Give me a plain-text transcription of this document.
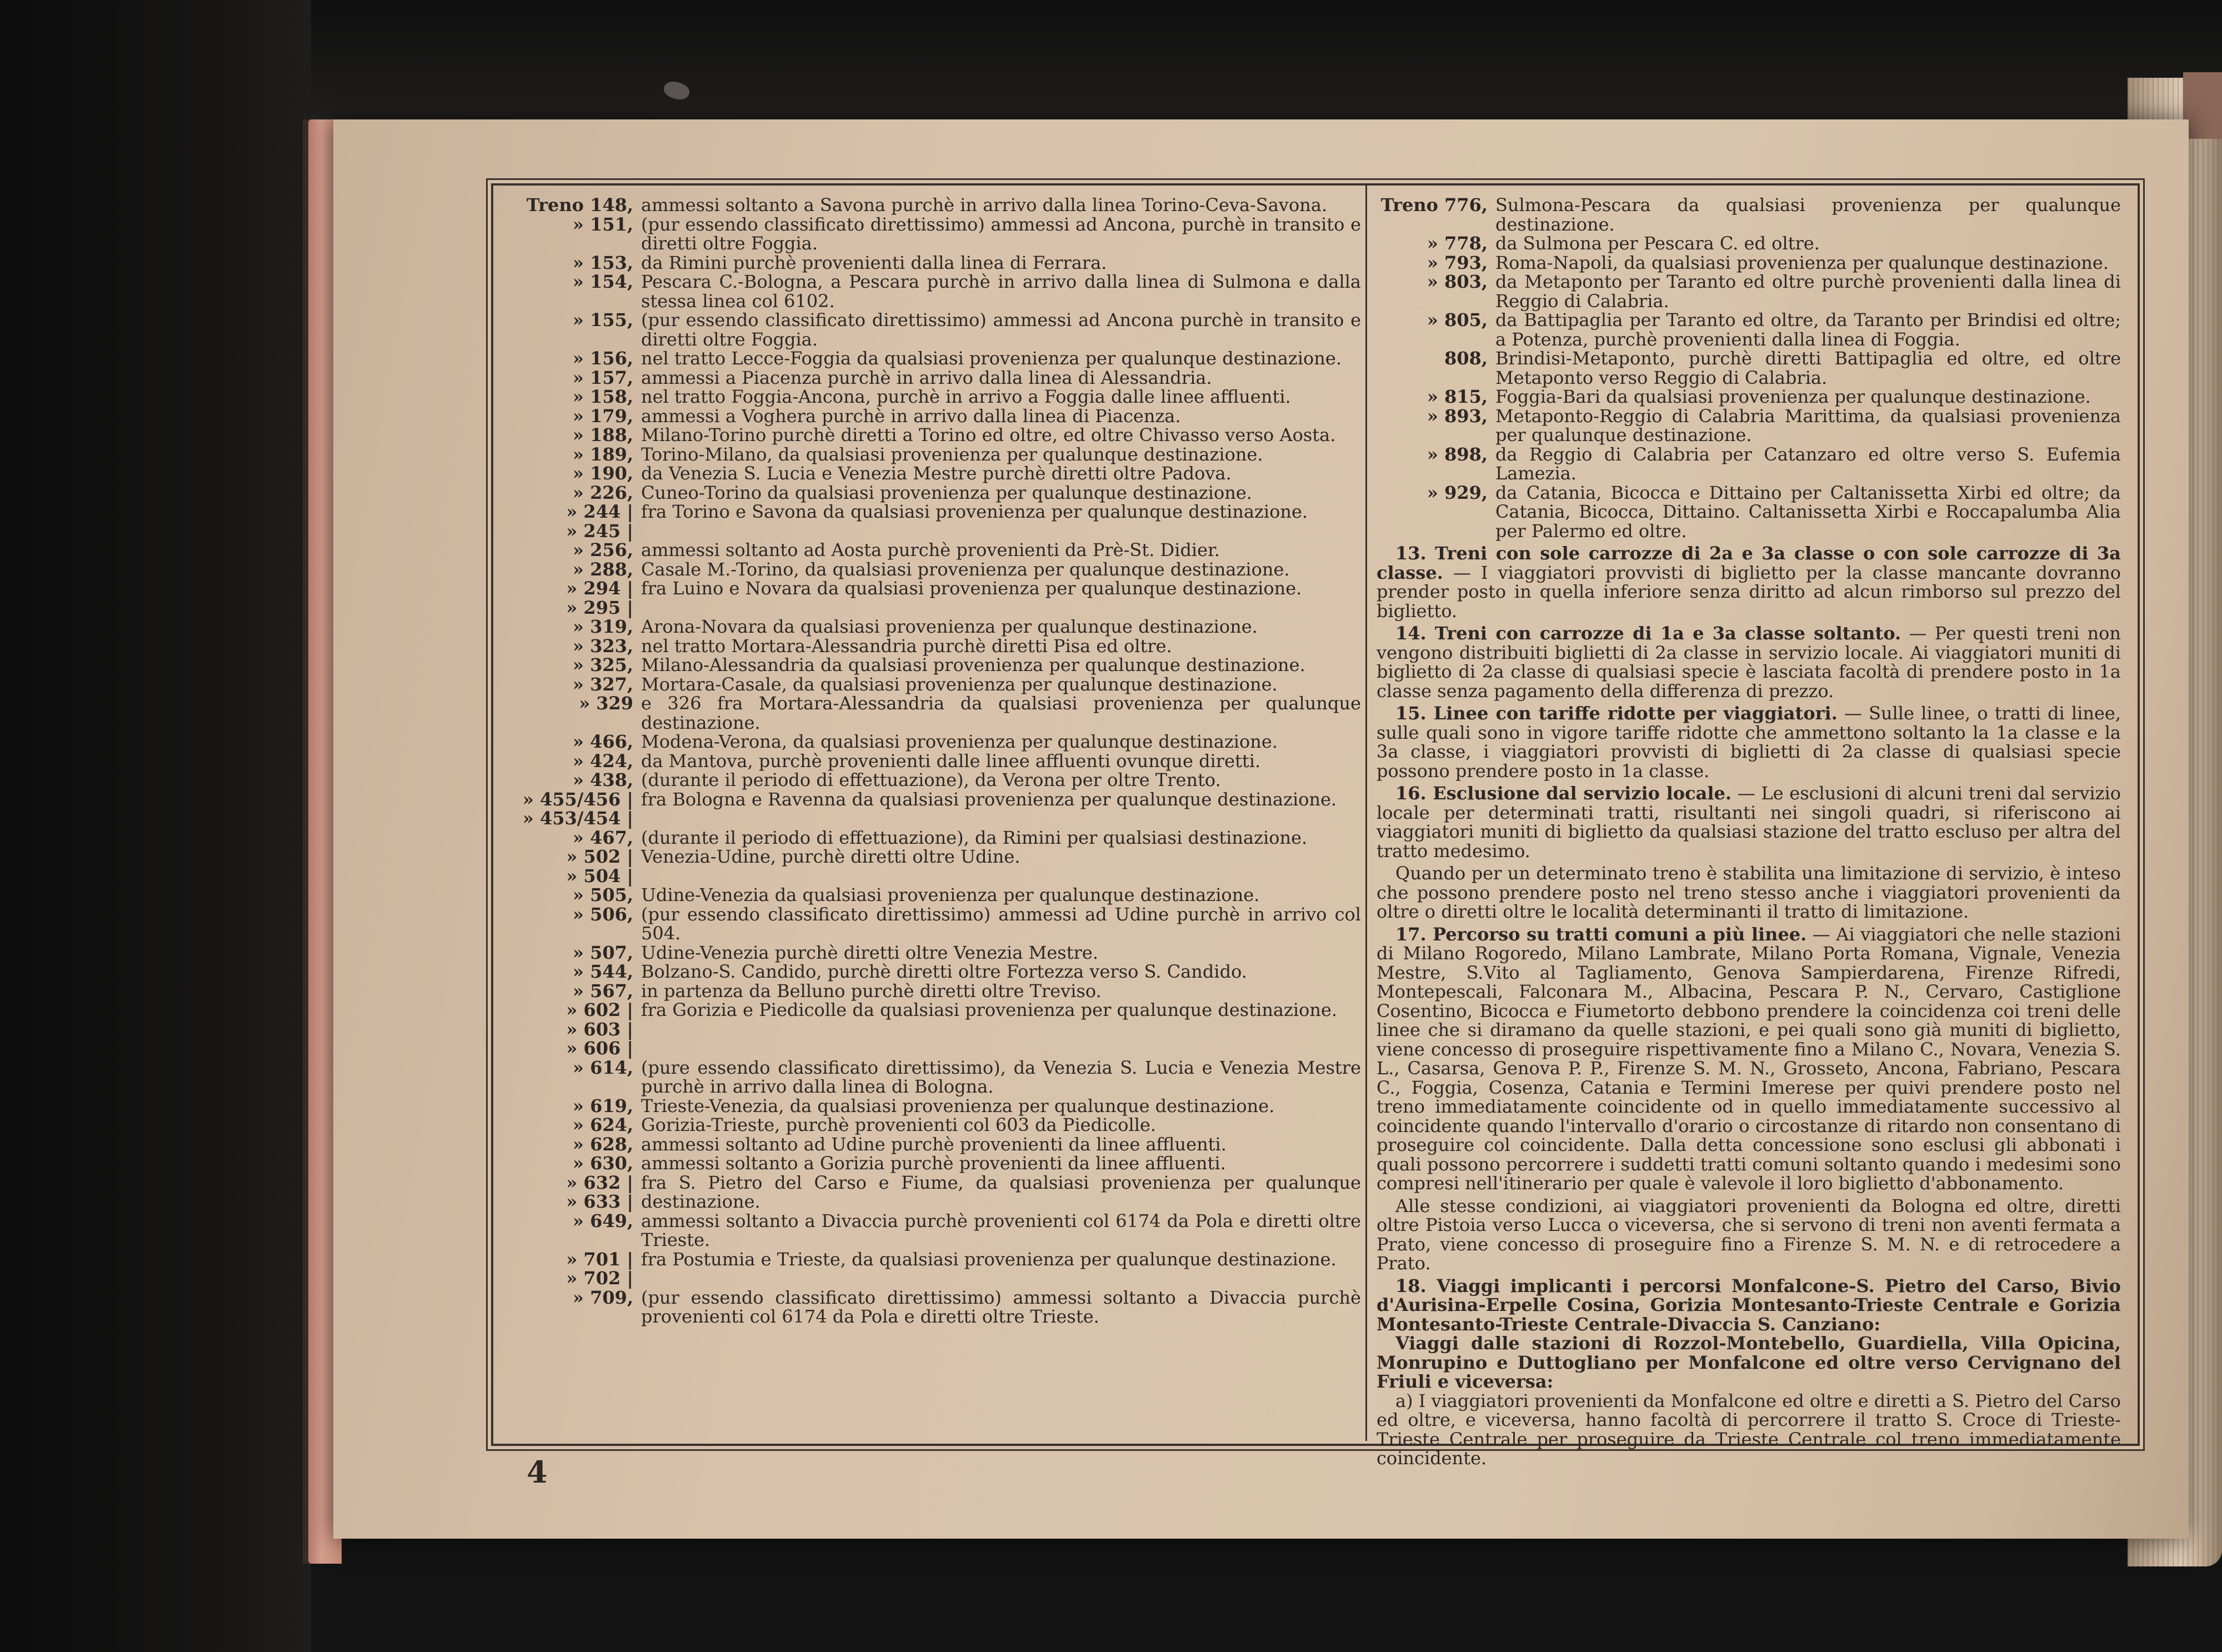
Treno 148, ammessi soltanto a Savona purchè in arrivo dalla linea Torino-Ceva-Savona.
» 151, (pur essendo classificato direttissimo) ammessi ad Ancona, purchè in transito e diretti oltre Foggia.
» 153, da Rimini purchè provenienti dalla linea di Ferrara.
» 154, Pescara C.-Bologna, a Pescara purchè in arrivo dalla linea di Sulmona e dalla stessa linea col 6102.
» 155, (pur essendo classificato direttissimo) ammessi ad Ancona purchè in transito e diretti oltre Foggia.
» 156, nel tratto Lecce-Foggia da qualsiasi provenienza per qualunque destinazione.
» 157, ammessi a Piacenza purchè in arrivo dalla linea di Alessandria.
» 158, nel tratto Foggia-Ancona, purchè in arrivo a Foggia dalle linee affluenti.
» 179, ammessi a Voghera purchè in arrivo dalla linea di Piacenza.
» 188, Milano-Torino purchè diretti a Torino ed oltre, ed oltre Chivasso verso Aosta.
» 189, Torino-Milano, da qualsiasi provenienza per qualunque destinazione.
» 190, da Venezia S. Lucia e Venezia Mestre purchè diretti oltre Padova.
» 226, Cuneo-Torino da qualsiasi provenienza per qualunque destinazione.
» 244 |
» 245 |
fra Torino e Savona da qualsiasi provenienza per qualunque destinazione.
» 256, ammessi soltanto ad Aosta purchè provenienti da Prè-St. Didier.
» 288, Casale M.-Torino, da qualsiasi provenienza per qualunque destinazione.
» 294 |
» 295 |
fra Luino e Novara da qualsiasi provenienza per qualunque destinazione.
» 319, Arona-Novara da qualsiasi provenienza per qualunque destinazione.
» 323, nel tratto Mortara-Alessandria purchè diretti Pisa ed oltre.
» 325, Milano-Alessandria da qualsiasi provenienza per qualunque destinazione.
» 327, Mortara-Casale, da qualsiasi provenienza per qualunque destinazione.
» 329 e 326 fra Mortara-Alessandria da qualsiasi provenienza per qualunque destinazione.
» 466, Modena-Verona, da qualsiasi provenienza per qualunque destinazione.
» 424, da Mantova, purchè provenienti dalle linee affluenti ovunque diretti.
» 438, (durante il periodo di effettuazione), da Verona per oltre Trento.
» 455/456 |
» 453/454 |
fra Bologna e Ravenna da qualsiasi provenienza per qualunque destinazione.
» 467, (durante il periodo di effettuazione), da Rimini per qualsiasi destinazione.
» 502 |
» 504 |
Venezia-Udine, purchè diretti oltre Udine.
» 505, Udine-Venezia da qualsiasi provenienza per qualunque destinazione.
» 506, (pur essendo classificato direttissimo) ammessi ad Udine purchè in arrivo col 504.
» 507, Udine-Venezia purchè diretti oltre Venezia Mestre.
» 544, Bolzano-S. Candido, purchè diretti oltre Fortezza verso S. Candido.
» 567, in partenza da Belluno purchè diretti oltre Treviso.
» 602 |
» 603 |
» 606 |
fra Gorizia e Piedicolle da qualsiasi provenienza per qualunque destinazione.
» 614, (pure essendo classificato direttissimo), da Venezia S. Lucia e Venezia Mestre purchè in arrivo dalla linea di Bologna.
» 619, Trieste-Venezia, da qualsiasi provenienza per qualunque destinazione.
» 624, Gorizia-Trieste, purchè provenienti col 603 da Piedicolle.
» 628, ammessi soltanto ad Udine purchè provenienti da linee affluenti.
» 630, ammessi soltanto a Gorizia purchè provenienti da linee affluenti.
» 632 |
» 633 |
fra S. Pietro del Carso e Fiume, da qualsiasi provenienza per qualunque destinazione.
» 649, ammessi soltanto a Divaccia purchè provenienti col 6174 da Pola e diretti oltre Trieste.
» 701 |
» 702 |
fra Postumia e Trieste, da qualsiasi provenienza per qualunque destinazione.
» 709, (pur essendo classificato direttissimo) ammessi soltanto a Divaccia purchè provenienti col 6174 da Pola e diretti oltre Trieste.
Treno 776, Sulmona-Pescara da qualsiasi provenienza per qualunque destinazione.
» 778, da Sulmona per Pescara C. ed oltre.
» 793, Roma-Napoli, da qualsiasi provenienza per qualunque destinazione.
» 803, da Metaponto per Taranto ed oltre purchè provenienti dalla linea di Reggio di Calabria.
» 805, da Battipaglia per Taranto ed oltre, da Taranto per Brindisi ed oltre; a Potenza, purchè provenienti dalla linea di Foggia.
808, Brindisi-Metaponto, purchè diretti Battipaglia ed oltre, ed oltre Metaponto verso Reggio di Calabria.
» 815, Foggia-Bari da qualsiasi provenienza per qualunque destinazione.
» 893, Metaponto-Reggio di Calabria Marittima, da qualsiasi provenienza per qualunque destinazione.
» 898, da Reggio di Calabria per Catanzaro ed oltre verso S. Eufemia Lamezia.
» 929, da Catania, Bicocca e Dittaino per Caltanissetta Xirbi ed oltre; da Catania, Bicocca, Dittaino. Caltanissetta Xirbi e Roccapalumba Alia per Palermo ed oltre.
13. Treni con sole carrozze di 2a e 3a classe o con sole carrozze di 3a classe. — I viaggiatori provvisti di biglietto per la classe mancante dovranno prender posto in quella inferiore senza diritto ad alcun rimborso sul prezzo del biglietto.
14. Treni con carrozze di 1a e 3a classe soltanto. — Per questi treni non vengono distribuiti biglietti di 2a classe in servizio locale. Ai viaggiatori muniti di biglietto di 2a classe di qualsiasi specie è lasciata facoltà di prendere posto in 1a classe senza pagamento della differenza di prezzo.
15. Linee con tariffe ridotte per viaggiatori. — Sulle linee, o tratti di linee, sulle quali sono in vigore tariffe ridotte che ammettono soltanto la 1a classe e la 3a classe, i viaggiatori provvisti di biglietti di 2a classe di qualsiasi specie possono prendere posto in 1a classe.
16. Esclusione dal servizio locale. — Le esclusioni di alcuni treni dal servizio locale per determinati tratti, risultanti nei singoli quadri, si riferiscono ai viaggiatori muniti di biglietto da qualsiasi stazione del tratto escluso per altra del tratto medesimo.
Quando per un determinato treno è stabilita una limitazione di servizio, è inteso che possono prendere posto nel treno stesso anche i viaggiatori provenienti da oltre o diretti oltre le località determinanti il tratto di limitazione.
17. Percorso su tratti comuni a più linee. — Ai viaggiatori che nelle stazioni di Milano Rogoredo, Milano Lambrate, Milano Porta Romana, Vignale, Venezia Mestre, S.Vito al Tagliamento, Genova Sampierdarena, Firenze Rifredi, Montepescali, Falconara M., Albacina, Pescara P. N., Cervaro, Castiglione Cosentino, Bicocca e Fiumetorto debbono prendere la coincidenza coi treni delle linee che si diramano da quelle stazioni, e pei quali sono già muniti di biglietto, viene concesso di proseguire rispettivamente fino a Milano C., Novara, Venezia S. L., Casarsa, Genova P. P., Firenze S. M. N., Grosseto, Ancona, Fabriano, Pescara C., Foggia, Cosenza, Catania e Termini Imerese per quivi prendere posto nel treno immediatamente coincidente od in quello immediatamente successivo al coincidente quando l'intervallo d'orario o circostanze di ritardo non consentano di proseguire col coincidente. Dalla detta concessione sono esclusi gli abbonati i quali possono percorrere i suddetti tratti comuni soltanto quando i medesimi sono compresi nell'itinerario per quale è valevole il loro biglietto d'abbonamento.
Alle stesse condizioni, ai viaggiatori provenienti da Bologna ed oltre, diretti oltre Pistoia verso Lucca o viceversa, che si servono di treni non aventi fermata a Prato, viene concesso di proseguire fino a Firenze S. M. N. e di retrocedere a Prato.
18. Viaggi implicanti i percorsi Monfalcone-S. Pietro del Carso, Bivio d'Aurisina-Erpelle Cosina, Gorizia Montesanto-Trieste Centrale e Gorizia Montesanto-Trieste Centrale-Divaccia S. Canziano:
Viaggi dalle stazioni di Rozzol-Montebello, Guardiella, Villa Opicina, Monrupino e Duttogliano per Monfalcone ed oltre verso Cervignano del Friuli e viceversa:
a) I viaggiatori provenienti da Monfalcone ed oltre e diretti a S. Pietro del Carso ed oltre, e viceversa, hanno facoltà di percorrere il tratto S. Croce di Trieste-Trieste Centrale per proseguire da Trieste Centrale col treno immediatamente coincidente.
4
